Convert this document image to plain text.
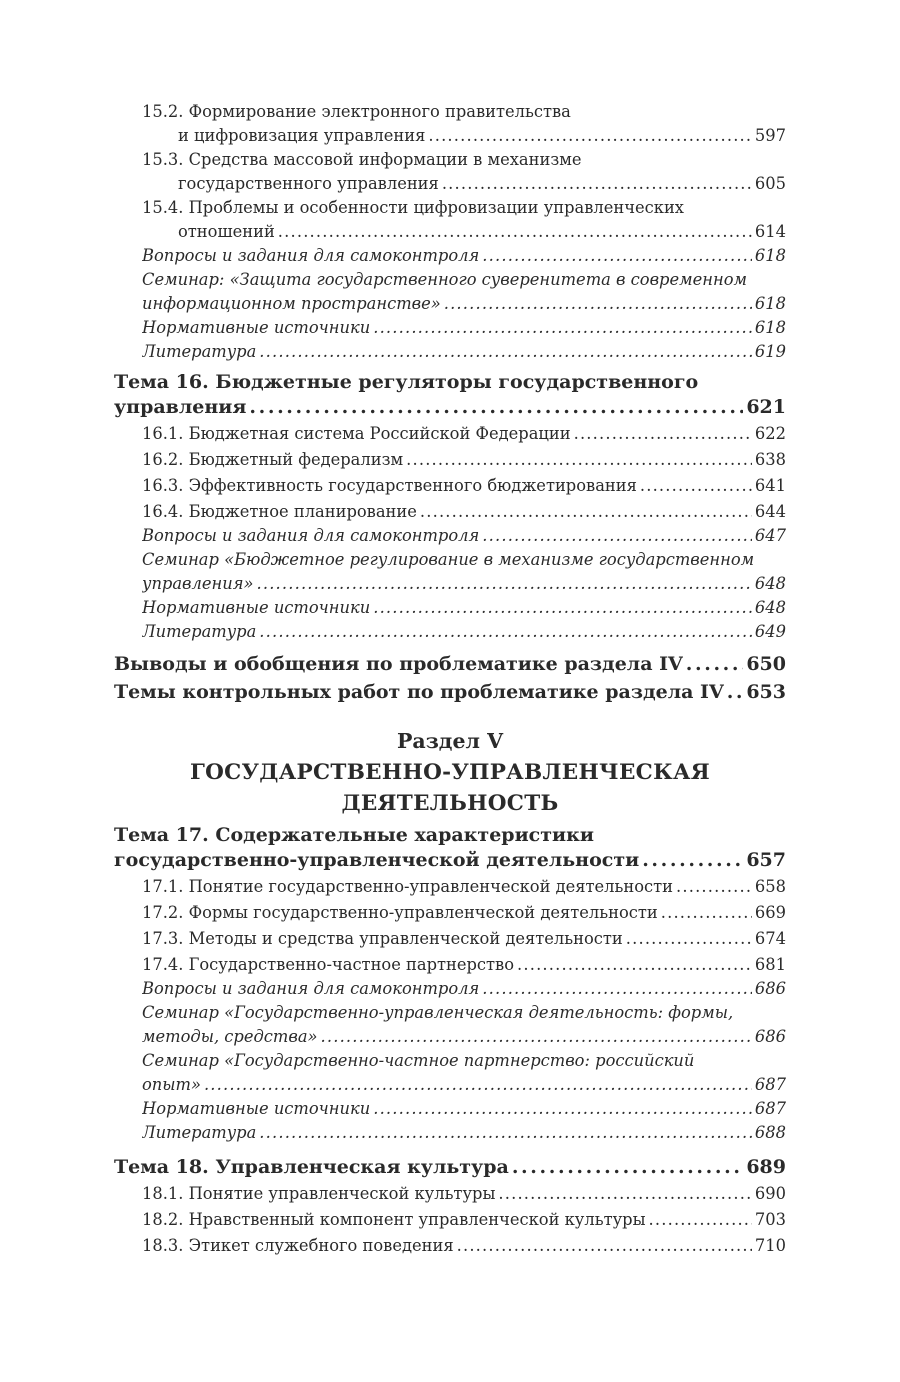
15.2. Формирование электронного правительства
и цифровизация управления . . .	597
15.3. Средства массовой информации в механизме
государственного управления . . .	605
15.4. Проблемы и особенности цифровизации управленческих
отношений . . .	614
Вопросы и задания для самоконтроля . . .	618
Семинар: «Защита государственного суверенитета в современном
информационном пространстве» . . .	618
Нормативные источники . . .	618
Литература . . .	619
Тема 16. Бюджетные регуляторы государственного
управления . . .	621
16.1. Бюджетная система Российской Федерации . . .	622
16.2. Бюджетный федерализм . . .	638
16.3. Эффективность государственного бюджетирования . . .	641
16.4. Бюджетное планирование . . .	644
Вопросы и задания для самоконтроля . . .	647
Семинар «Бюджетное регулирование в механизме государственном
управления» . . .	648
Нормативные источники . . .	648
Литература . . .	649
Выводы и обобщения по проблематике раздела IV . . .	650
Темы контрольных работ по проблематике раздела IV . . . 653
Раздел V
ГОСУДАРСТВЕННО-УПРАВЛЕНЧЕСКАЯ
ДЕЯТЕЛЬНОСТЬ
Тема 17. Содержательные характеристики
государственно-управленческой деятельности . . .	657
17.1. Понятие государственно-управленческой деятельности . . .	658
17.2. Формы государственно-управленческой деятельности . . .	669
17.3. Методы и средства управленческой деятельности . . .	674
17.4. Государственно-частное партнерство . . .	681
Вопросы и задания для самоконтроля . . .	686
Семинар «Государственно-управленческая деятельность: формы,
методы, средства» . . .	686
Семинар «Государственно-частное партнерство: российский
опыт» . . .	687
Нормативные источники . . .	687
Литература . . .	688
Тема 18. Управленческая культура . . .	689
18.1. Понятие управленческой культуры . . .	690
18.2. Нравственный компонент управленческой культуры . . .	703
18.3. Этикет служебного поведения . . .	710
